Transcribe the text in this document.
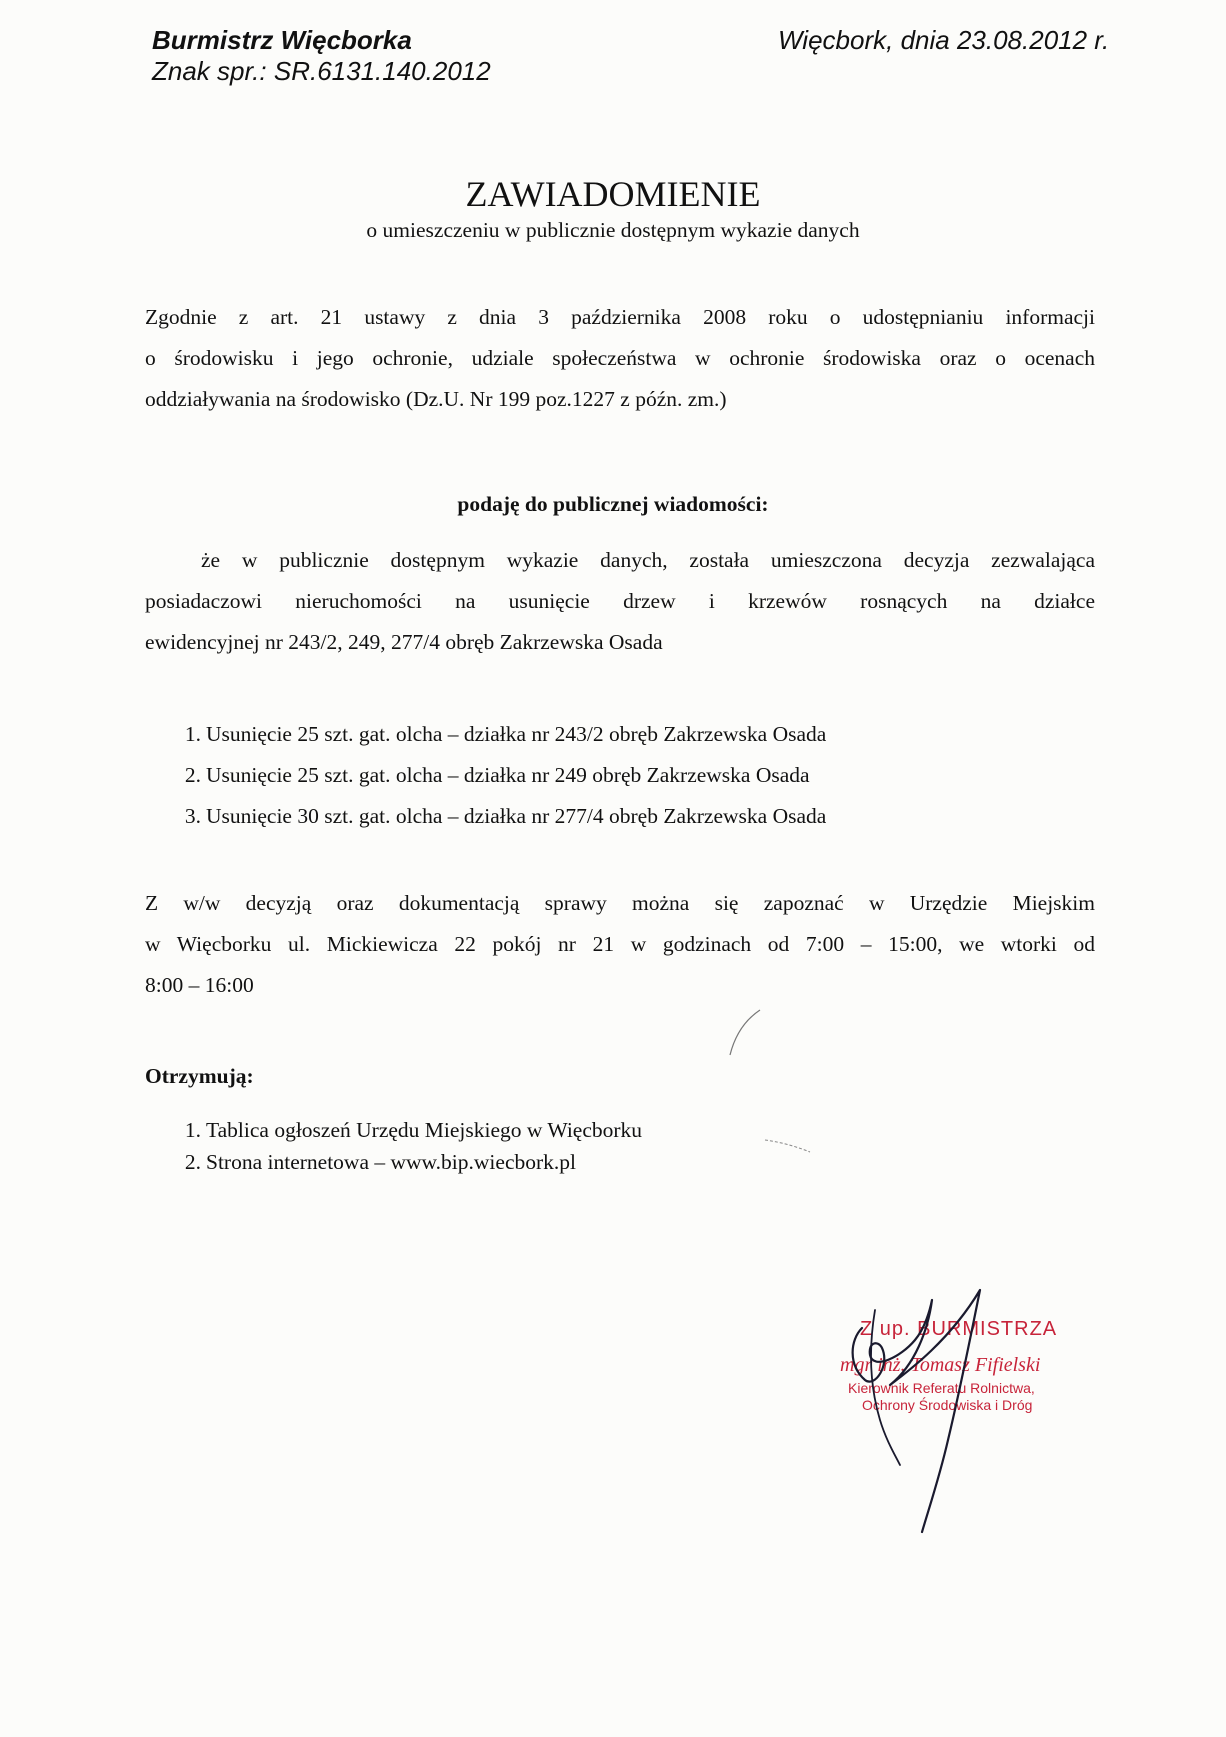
Burmistrz Więcborka
Znak spr.: SR.6131.140.2012
Więcbork, dnia 23.08.2012 r.
ZAWIADOMIENIE
o umieszczeniu w publicznie dostępnym wykazie danych
Zgodnie z art. 21 ustawy z dnia 3 października 2008 roku o udostępnianiu informacji
o środowisku i jego ochronie, udziale społeczeństwa w ochronie środowiska oraz o ocenach
oddziaływania na środowisko (Dz.U. Nr 199 poz.1227 z późn. zm.)
podaję do publicznej wiadomości:
że w publicznie dostępnym wykazie danych, została umieszczona decyzja zezwalająca
posiadaczowi nieruchomości na usunięcie drzew i krzewów rosnących na działce
ewidencyjnej nr 243/2, 249, 277/4 obręb Zakrzewska Osada
1. Usunięcie 25 szt. gat. olcha – działka nr 243/2 obręb Zakrzewska Osada
2. Usunięcie 25 szt. gat. olcha – działka nr 249 obręb Zakrzewska Osada
3. Usunięcie 30 szt. gat. olcha – działka nr 277/4 obręb Zakrzewska Osada
Z w/w decyzją oraz dokumentacją sprawy można się zapoznać w Urzędzie Miejskim
w Więcborku ul. Mickiewicza 22 pokój nr 21 w godzinach od 7:00 – 15:00, we wtorki od
8:00 – 16:00
Otrzymują:
1. Tablica ogłoszeń Urzędu Miejskiego w Więcborku
2. Strona internetowa – www.bip.wiecbork.pl
Z up. BURMISTRZA
mgr inż. Tomasz Fifielski
Kierownik Referatu Rolnictwa,
Ochrony Środowiska i Dróg
